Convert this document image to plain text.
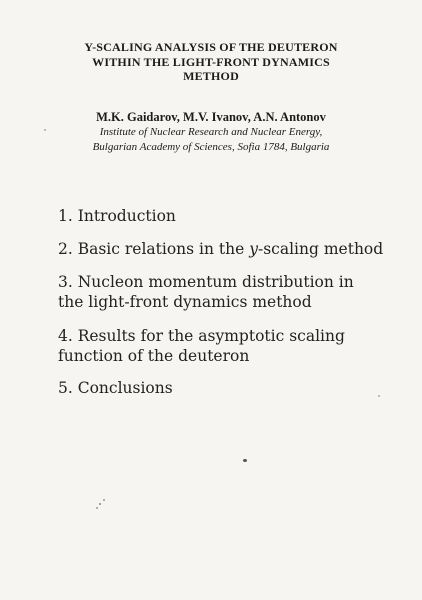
Y-SCALING ANALYSIS OF THE DEUTERON
WITHIN THE LIGHT-FRONT DYNAMICS
METHOD
M.K. Gaidarov, M.V. Ivanov, A.N. Antonov
Institute of Nuclear Research and Nuclear Energy,
Bulgarian Academy of Sciences, Sofia 1784, Bulgaria
1. Introduction
2. Basic relations in the y-scaling method
3. Nucleon momentum distribution in
the light-front dynamics method
4. Results for the asymptotic scaling
function of the deuteron
5. Conclusions
